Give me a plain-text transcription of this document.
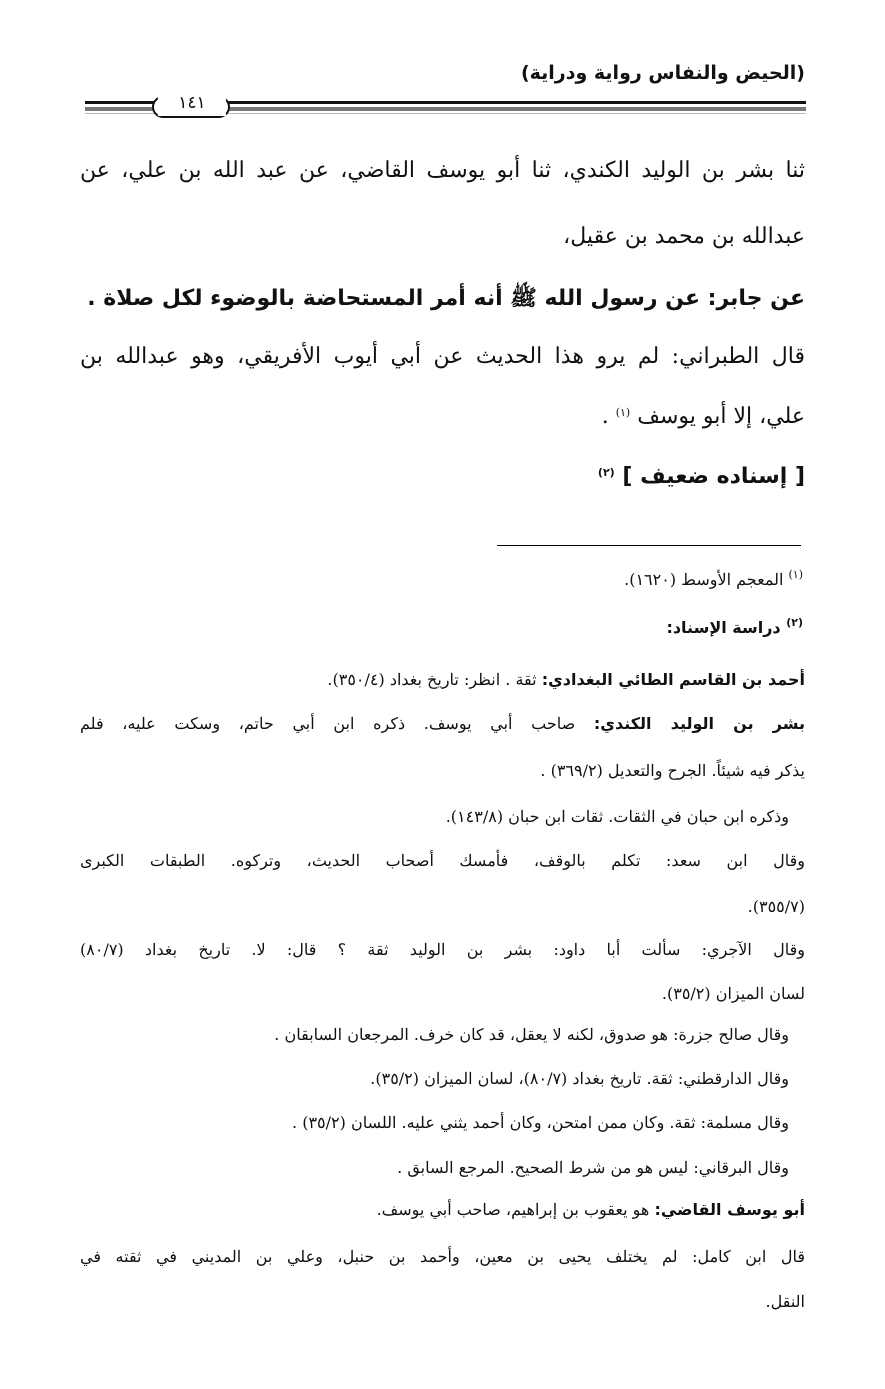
(الحيض والنفاس رواية ودراية)
١٤١
ثنا بشر بن الوليد الكندي، ثنا أبو يوسف القاضي، عن عبد الله بن علي، عن
عبدالله بن محمد بن عقيل،
عن جابر: عن رسول الله ﷺ أنه أمر المستحاضة بالوضوء لكل صلاة .
قال الطبراني: لم يرو هذا الحديث عن أبي أيوب الأفريقي، وهو عبدالله بن
علي، إلا أبو يوسف $^{(١)}$ .
[ إسناده ضعيف ] $^{(٢)}$
$^{(١)}$ المعجم الأوسط (١٦٢٠).
$^{(٢)}$ دراسة الإسناد:
أحمد بن القاسم الطائي البغدادي: ثقة . انظر: تاريخ بغداد (٣٥٠/٤).
بشر بن الوليد الكندي: صاحب أبي يوسف. ذكره ابن أبي حاتم، وسكت عليه، فلم
يذكر فيه شيئاً. الجرح والتعديل (٣٦٩/٢) .
وذكره ابن حبان في الثقات. ثقات ابن حبان (١٤٣/٨).
وقال ابن سعد: تكلم بالوقف، فأمسك أصحاب الحديث، وتركوه. الطبقات الكبرى
(٣٥٥/٧).
وقال الآجري: سألت أبا داود: بشر بن الوليد ثقة ؟ قال: لا. تاريخ بغداد (٨٠/٧)
لسان الميزان (٣٥/٢).
وقال صالح جزرة: هو صدوق، لكنه لا يعقل، قد كان خرف. المرجعان السابقان .
وقال الدارقطني: ثقة. تاريخ بغداد (٨٠/٧)، لسان الميزان (٣٥/٢).
وقال مسلمة: ثقة. وكان ممن امتحن، وكان أحمد يثني عليه. اللسان (٣٥/٢) .
وقال البرقاني: ليس هو من شرط الصحيح. المرجع السابق .
أبو يوسف القاضي: هو يعقوب بن إبراهيم، صاحب أبي يوسف.
قال ابن كامل: لم يختلف يحيى بن معين، وأحمد بن حنبل، وعلي بن المديني في ثقته في
النقل.
